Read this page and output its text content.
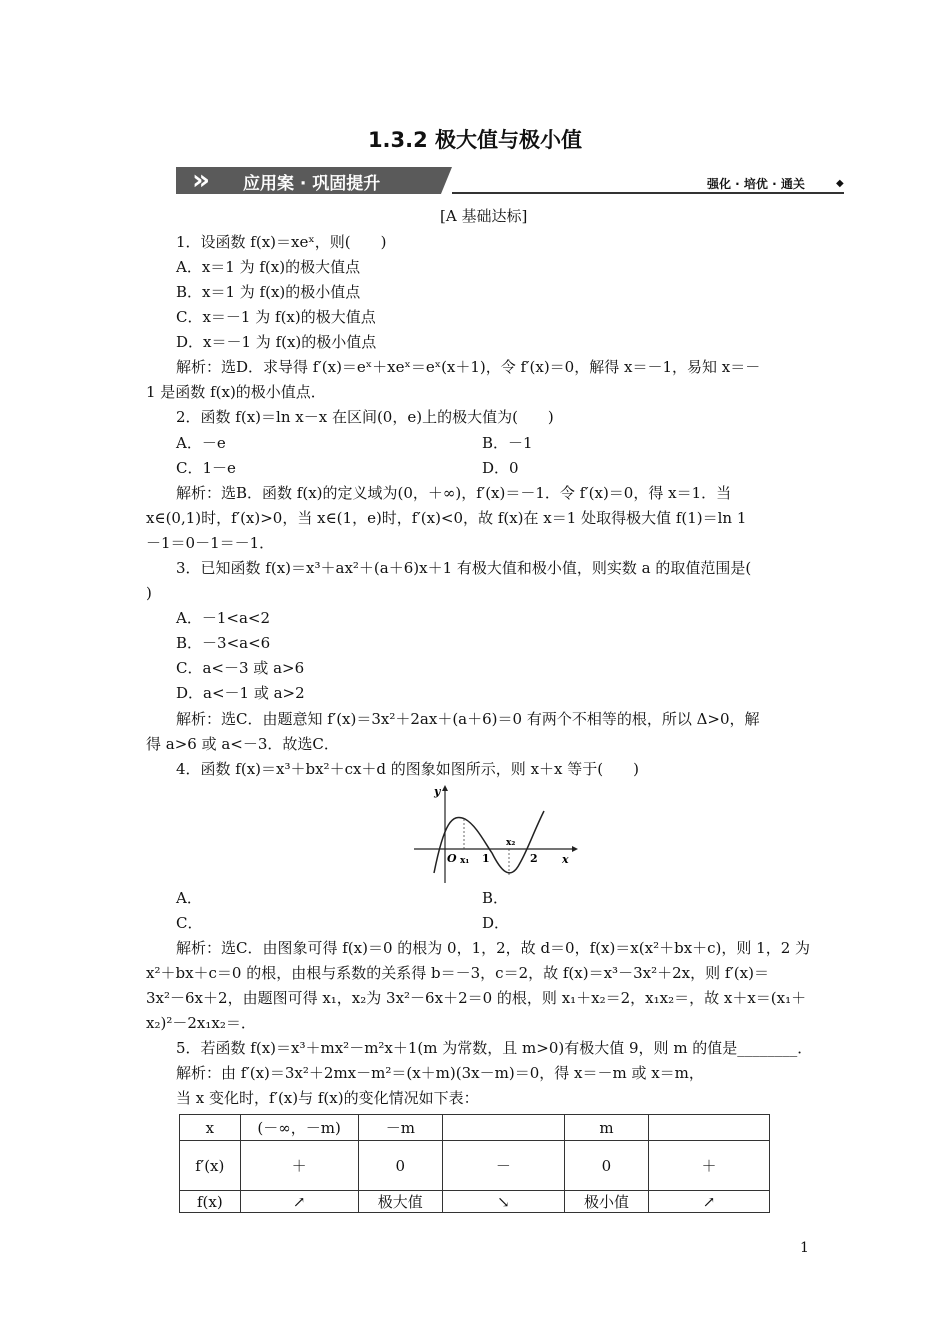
1.3.2 极大值与极小值
» 应用案 · 巩固提升	强化 · 培优 · 通关	◆
[A 基础达标]
1．设函数 f(x)＝xeˣ，则(　　)
A．x＝1 为 f(x)的极大值点
B．x＝1 为 f(x)的极小值点
C．x＝－1 为 f(x)的极大值点
D．x＝－1 为 f(x)的极小值点
解析：选D．求导得 f′(x)＝eˣ＋xeˣ＝eˣ(x＋1)，令 f′(x)＝0，解得 x＝－1，易知 x＝－
1 是函数 f(x)的极小值点．
2．函数 f(x)＝ln x－x 在区间(0，e)上的极大值为(　　)
A．－e	B．－1
C．1－e	D．0
解析：选B．函数 f(x)的定义域为(0，＋∞)，f′(x)＝－1．令 f′(x)＝0，得 x＝1．当
x∈(0,1)时，f′(x)>0，当 x∈(1，e)时，f′(x)<0，故 f(x)在 x＝1 处取得极大值 f(1)＝ln 1
－1＝0－1＝－1．
3．已知函数 f(x)＝x³＋ax²＋(a＋6)x＋1 有极大值和极小值，则实数 a 的取值范围是(
)
A．－1<a<2
B．－3<a<6
C．a<－3 或 a>6
D．a<－1 或 a>2
解析：选C．由题意知 f′(x)＝3x²＋2ax＋(a＋6)＝0 有两个不相等的根，所以 Δ>0，解
得 a>6 或 a<－3．故选C．
4．函数 f(x)＝x³＋bx²＋cx＋d 的图象如图所示，则 x＋x 等于(　　)
y
x
O x₁ 1
x₂
2
A．	B．
C．	D．
解析：选C．由图象可得 f(x)＝0 的根为 0，1，2，故 d＝0，f(x)＝x(x²＋bx＋c)，则 1，2 为
x²＋bx＋c＝0 的根，由根与系数的关系得 b＝－3，c＝2，故 f(x)＝x³－3x²＋2x，则 f′(x)＝
3x²－6x＋2，由题图可得 x₁，x₂为 3x²－6x＋2＝0 的根，则 x₁＋x₂＝2，x₁x₂＝，故 x＋x＝(x₁＋
x₂)²－2x₁x₂＝．
5．若函数 f(x)＝x³＋mx²－m²x＋1(m 为常数，且 m>0)有极大值 9，则 m 的值是________．
解析：由 f′(x)＝3x²＋2mx－m²＝(x＋m)(3x－m)＝0，得 x＝－m 或 x＝m，
当 x 变化时，f′(x)与 f(x)的变化情况如下表：
x	(－∞，－m)	－m		m	
f′(x)	＋	0	－	0	＋
f(x)	↗	极大值	↘	极小值	↗
1
